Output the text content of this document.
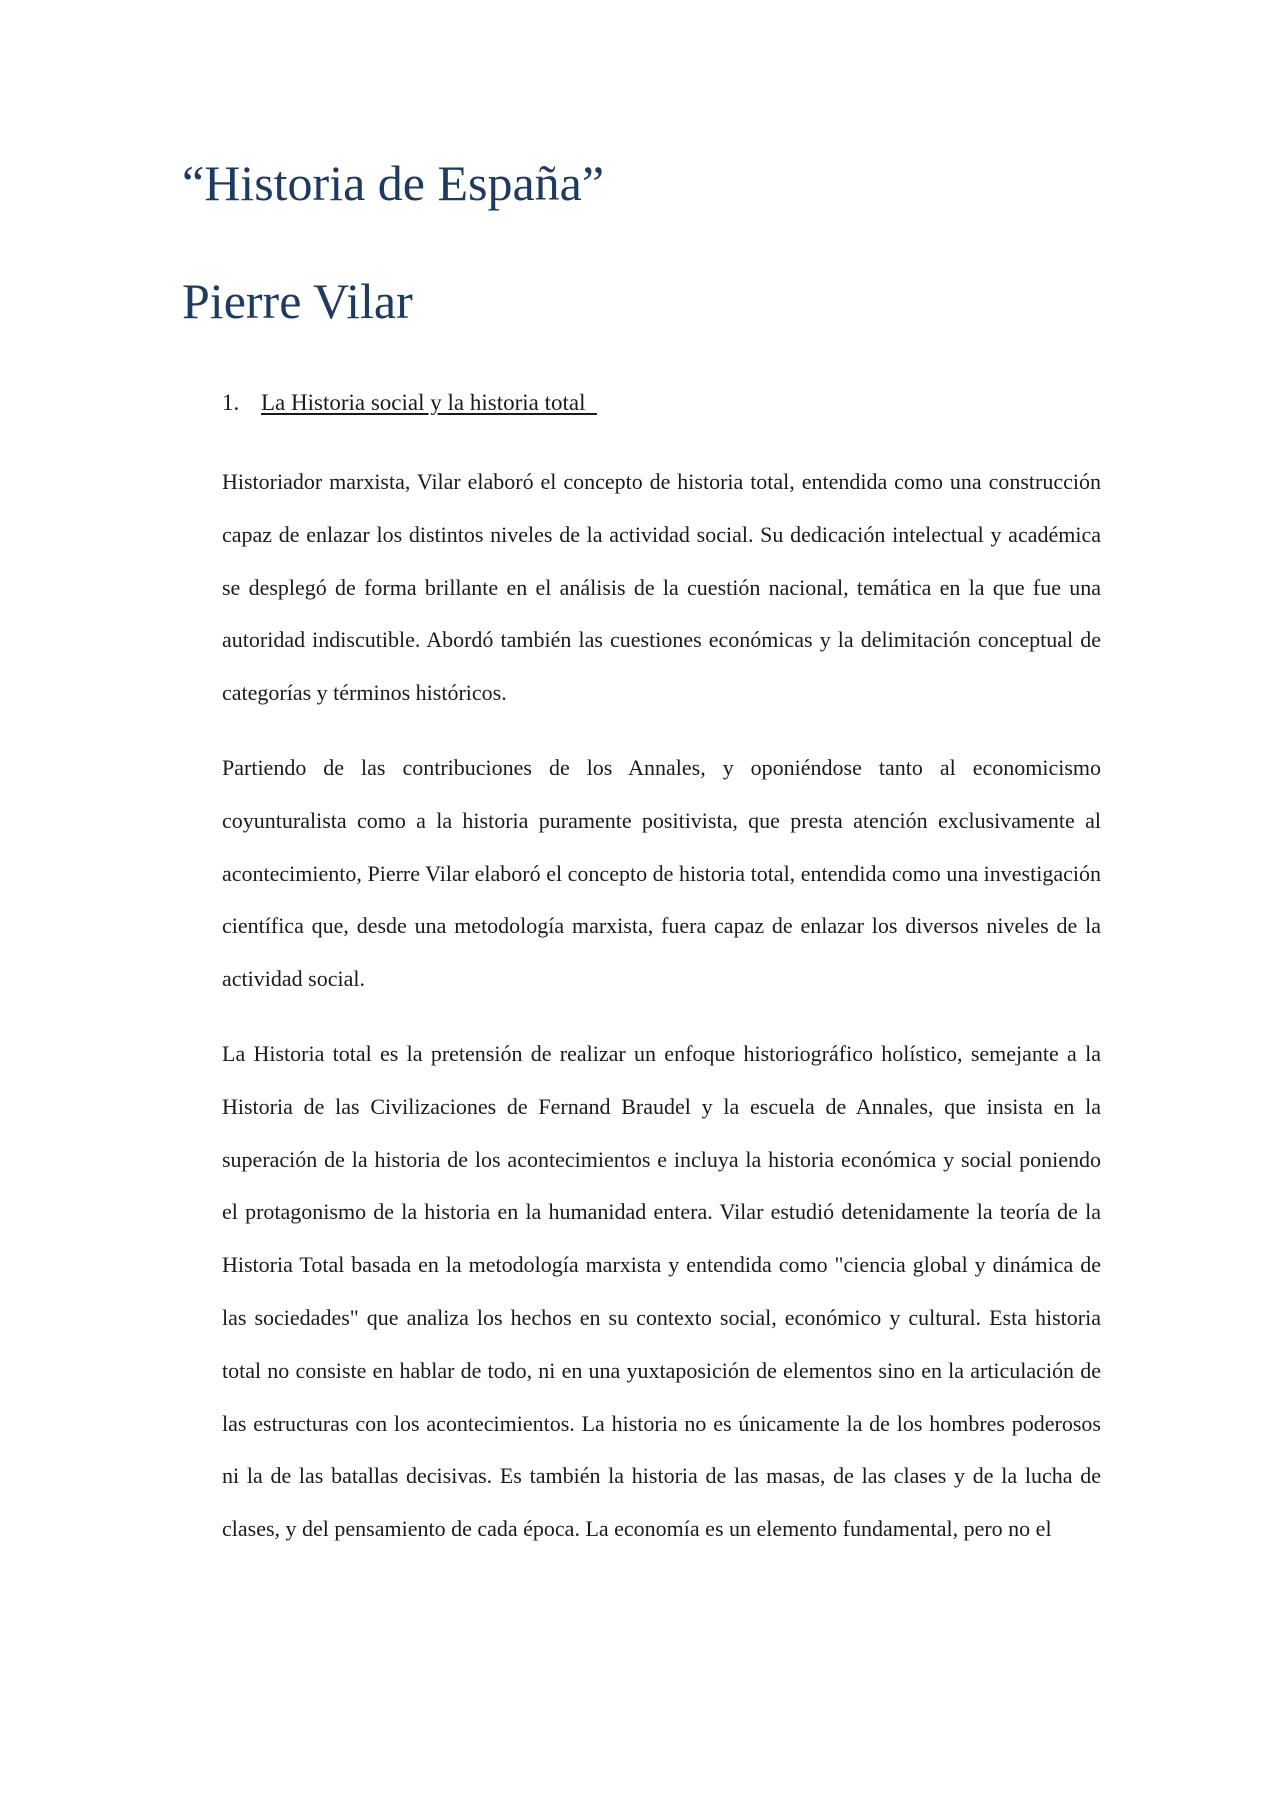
“Historia de España”
Pierre Vilar
1. La Historia social y la historia total

Historiador marxista, Vilar elaboró el concepto de historia total, entendida como una construcción capaz de enlazar los distintos niveles de la actividad social. Su dedicación intelectual y académica se desplegó de forma brillante en el análisis de la cuestión nacional, temática en la que fue una autoridad indiscutible. Abordó también las cuestiones económicas y la delimitación conceptual de categorías y términos históricos.

Partiendo de las contribuciones de los Annales, y oponiéndose tanto al economicismo coyunturalista como a la historia puramente positivista, que presta atención exclusivamente al acontecimiento, Pierre Vilar elaboró el concepto de historia total, entendida como una investigación científica que, desde una metodología marxista, fuera capaz de enlazar los diversos niveles de la actividad social.

La Historia total es la pretensión de realizar un enfoque historiográfico holístico, semejante a la Historia de las Civilizaciones de Fernand Braudel y la escuela de Annales, que insista en la superación de la historia de los acontecimientos e incluya la historia económica y social poniendo el protagonismo de la historia en la humanidad entera. Vilar estudió detenidamente la teoría de la Historia Total basada en la metodología marxista y entendida como "ciencia global y dinámica de las sociedades" que analiza los hechos en su contexto social, económico y cultural. Esta historia total no consiste en hablar de todo, ni en una yuxtaposición de elementos sino en la articulación de las estructuras con los acontecimientos. La historia no es únicamente la de los hombres poderosos ni la de las batallas decisivas. Es también la historia de las masas, de las clases y de la lucha de clases, y del pensamiento de cada época. La economía es un elemento fundamental, pero no el
